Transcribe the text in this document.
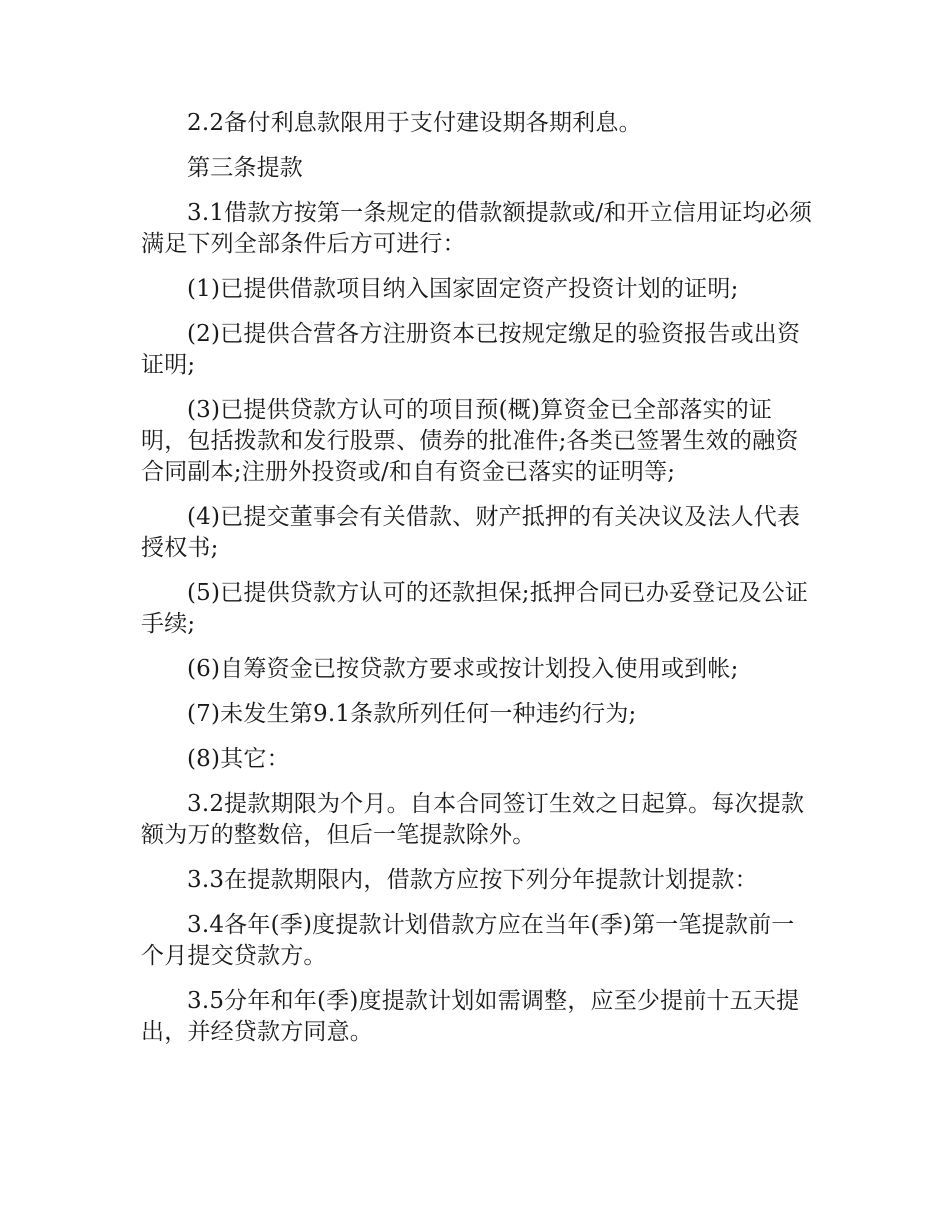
2.2备付利息款限用于支付建设期各期利息。

第三条提款

3.1借款方按第一条规定的借款额提款或/和开立信用证均必须满足下列全部条件后方可进行：

(1)已提供借款项目纳入国家固定资产投资计划的证明;

(2)已提供合营各方注册资本已按规定缴足的验资报告或出资证明;

(3)已提供贷款方认可的项目预(概)算资金已全部落实的证明，包括拨款和发行股票、债券的批准件;各类已签署生效的融资合同副本;注册外投资或/和自有资金已落实的证明等;

(4)已提交董事会有关借款、财产抵押的有关决议及法人代表授权书;

(5)已提供贷款方认可的还款担保;抵押合同已办妥登记及公证手续;

(6)自筹资金已按贷款方要求或按计划投入使用或到帐;

(7)未发生第9.1条款所列任何一种违约行为;

(8)其它：

3.2提款期限为个月。自本合同签订生效之日起算。每次提款额为万的整数倍，但后一笔提款除外。

3.3在提款期限内，借款方应按下列分年提款计划提款：

3.4各年(季)度提款计划借款方应在当年(季)第一笔提款前一个月提交贷款方。

3.5分年和年(季)度提款计划如需调整，应至少提前十五天提出，并经贷款方同意。
